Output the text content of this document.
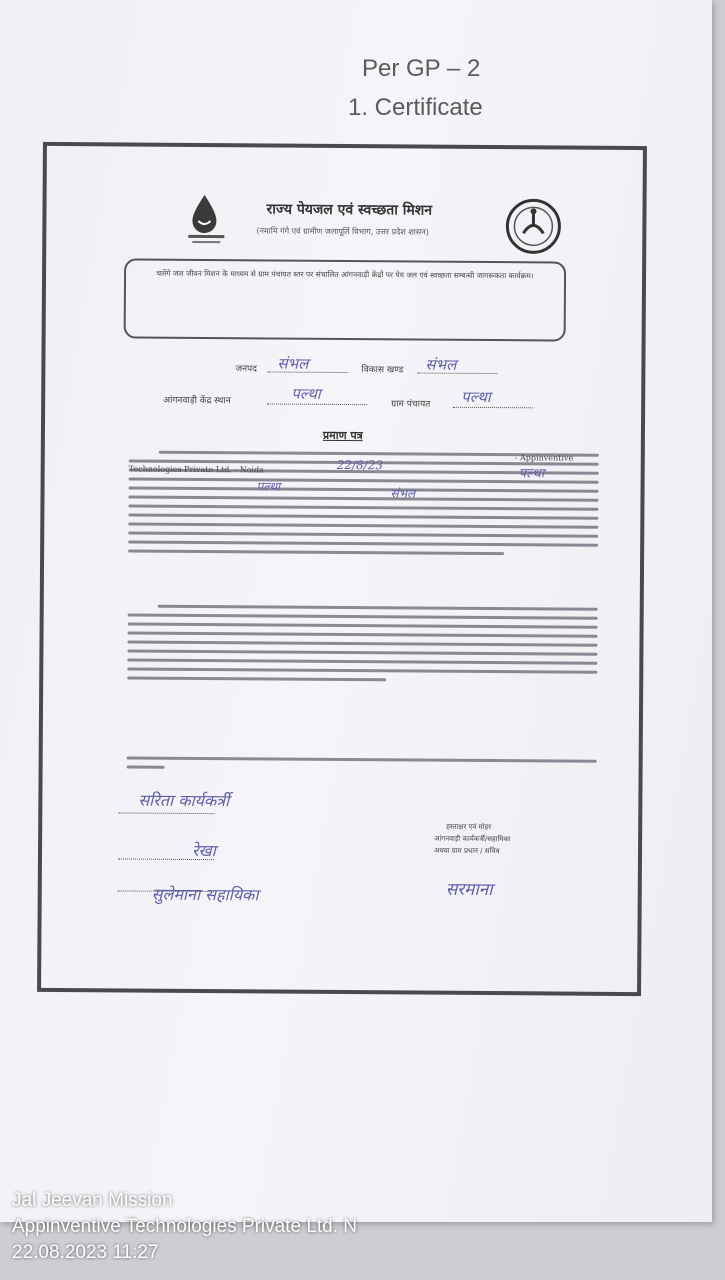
Per GP – 2
1. Certificate
राज्य पेयजल एवं स्वच्छता मिशन
(नमामि गंगे एवं ग्रामीण जलापूर्ति विभाग, उत्तर प्रदेश शासन)
चलेंगे जल जीवन मिशन के माध्यम से ग्राम पंचायत स्तर पर संचालित आंगनवाड़ी केंद्रों पर पेय जल एवं स्वच्छता सम्बन्धी जागरूकता कार्यक्रम।
जनपद संभल	विकास खण्ड संभल
आंगनवाड़ी केंद्र स्थान	पल्था
ग्राम पंचायत पल्था
प्रमाण पत्र
Technologies Private Ltd. - Noida
- Appinventive
22/8/23
पल्था
पल्था	संभल
सरिता कार्यकर्त्री
रेखा
सुलेमाना सहायिका
हस्ताक्षर एवं मोहर
आंगनवाड़ी कार्यकर्त्री/सहायिका
अथवा ग्राम प्रधान / सचिव
सरमाना
Jal Jeevan Mission
Appinventive Technologies Private Ltd. N
22.08.2023 11:27
